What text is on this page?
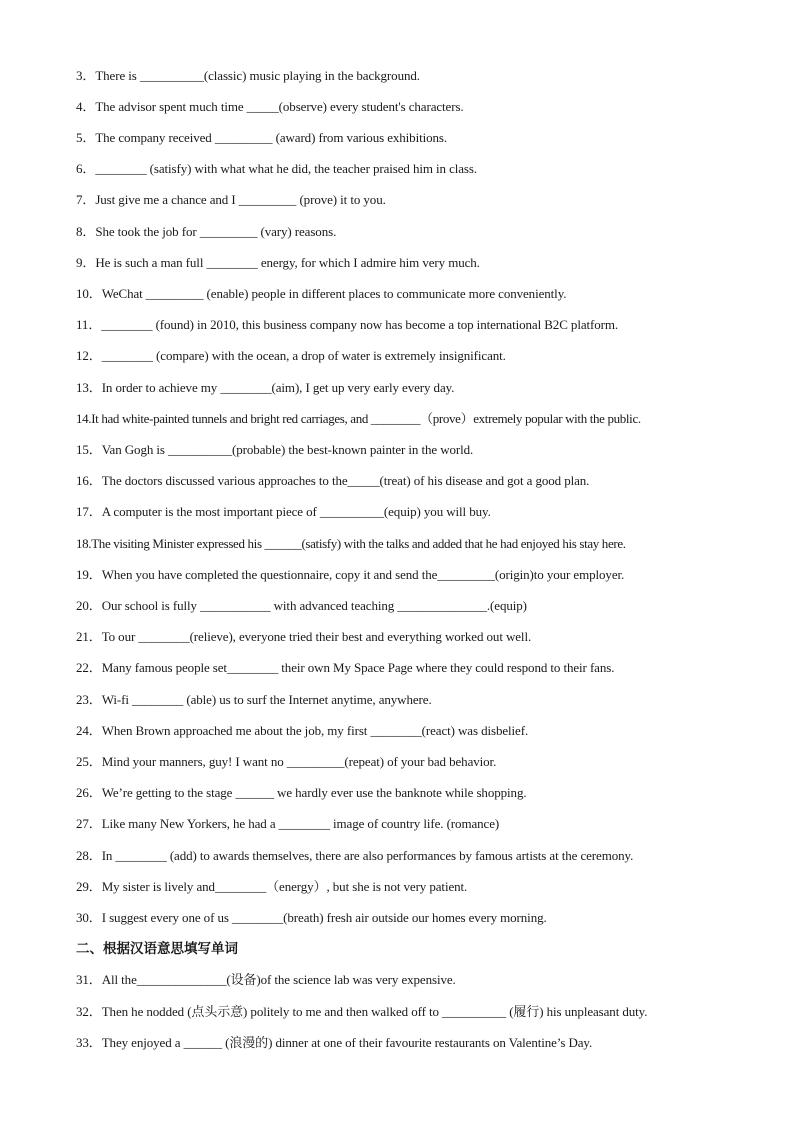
3．There is __________(classic) music playing in the background.
4．The advisor spent much time _____(observe) every student's characters.
5．The company received _________ (award) from various exhibitions.
6．________ (satisfy) with what what he did, the teacher praised him in class.
7．Just give me a chance and I _________ (prove) it to you.
8．She took the job for _________ (vary) reasons.
9．He is such a man full ________ energy, for which I admire him very much.
10．WeChat _________ (enable) people in different places to communicate more conveniently.
11．________ (found) in 2010, this business company now has become a top international B2C platform.
12．________ (compare) with the ocean, a drop of water is extremely insignificant.
13．In order to achieve my ________(aim), I get up very early every day.
14.It had white-painted tunnels and bright red carriages, and ________（prove）extremely popular with the public.
15．Van Gogh is __________(probable) the best-known painter in the world.
16．The doctors discussed various approaches to the_____(treat) of his disease and got a good plan.
17．A computer is the most important piece of __________(equip) you will buy.
18.The visiting Minister expressed his ______(satisfy) with the talks and added that he had enjoyed his stay here.
19．When you have completed the questionnaire, copy it and send the_________(origin)to your employer.
20．Our school is fully ___________ with advanced teaching ______________.(equip)
21．To our ________(relieve), everyone tried their best and everything worked out well.
22．Many famous people set________ their own My Space Page where they could respond to their fans.
23．Wi-fi ________ (able) us to surf the Internet anytime, anywhere.
24．When Brown approached me about the job, my first ________(react) was disbelief.
25．Mind your manners, guy! I want no _________(repeat) of your bad behavior.
26．We’re getting to the stage ______ we hardly ever use the banknote while shopping.
27．Like many New Yorkers, he had a ________ image of country life. (romance)
28．In ________ (add) to awards themselves, there are also performances by famous artists at the ceremony.
29．My sister is lively and________（energy）, but she is not very patient.
30．I suggest every one of us ________(breath) fresh air outside our homes every morning.
二、根据汉语意思填写单词
31．All the______________(设备)of the science lab was very expensive.
32．Then he nodded (点头示意) politely to me and then walked off to __________ (履行) his unpleasant duty.
33．They enjoyed a ______ (浪漫的) dinner at one of their favourite restaurants on Valentine’s Day.
